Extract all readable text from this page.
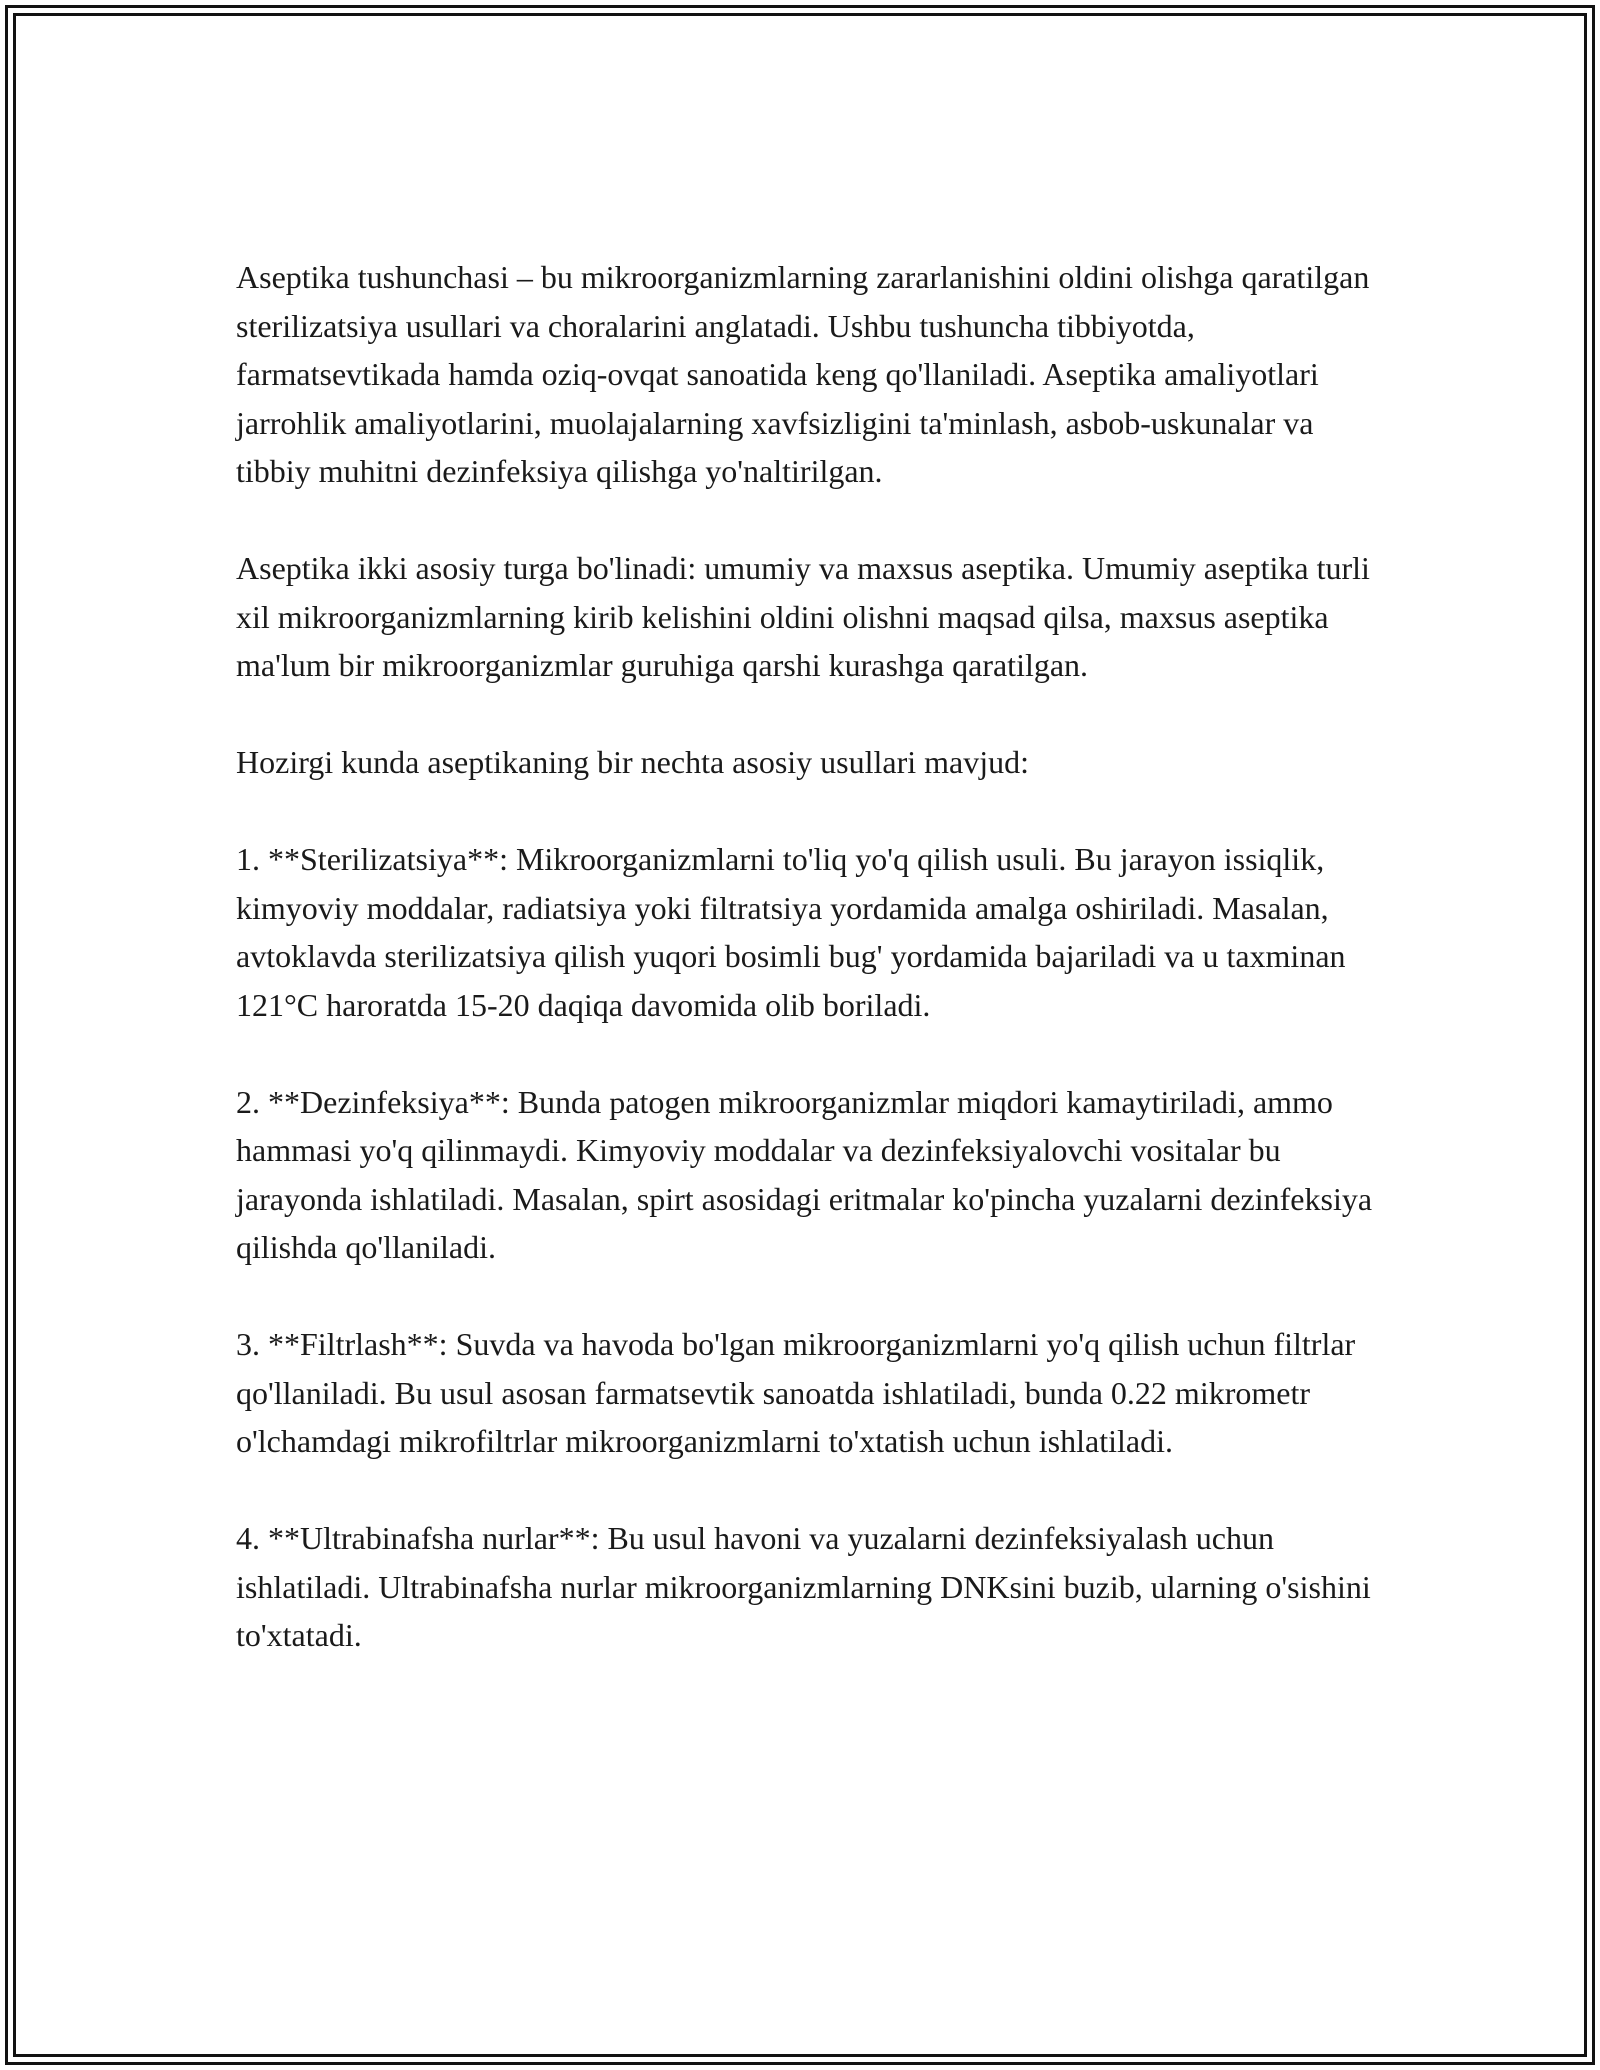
Aseptika tushunchasi – bu mikroorganizmlarning zararlanishini oldini olishga qaratilgan sterilizatsiya usullari va choralarini anglatadi. Ushbu tushuncha tibbiyotda, farmatsevtikada hamda oziq-ovqat sanoatida keng qo'llaniladi. Aseptika amaliyotlari jarrohlik amaliyotlarini, muolajalarning xavfsizligini ta'minlash, asbob-uskunalar va tibbiy muhitni dezinfeksiya qilishga yo'naltirilgan.

Aseptika ikki asosiy turga bo'linadi: umumiy va maxsus aseptika. Umumiy aseptika turli xil mikroorganizmlarning kirib kelishini oldini olishni maqsad qilsa, maxsus aseptika ma'lum bir mikroorganizmlar guruhiga qarshi kurashga qaratilgan.

Hozirgi kunda aseptikaning bir nechta asosiy usullari mavjud:

1. **Sterilizatsiya**: Mikroorganizmlarni to'liq yo'q qilish usuli. Bu jarayon issiqlik, kimyoviy moddalar, radiatsiya yoki filtratsiya yordamida amalga oshiriladi. Masalan, avtoklavda sterilizatsiya qilish yuqori bosimli bug' yordamida bajariladi va u taxminan 121°C haroratda 15-20 daqiqa davomida olib boriladi.

2. **Dezinfeksiya**: Bunda patogen mikroorganizmlar miqdori kamaytiriladi, ammo hammasi yo'q qilinmaydi. Kimyoviy moddalar va dezinfeksiyalovchi vositalar bu jarayonda ishlatiladi. Masalan, spirt asosidagi eritmalar ko'pincha yuzalarni dezinfeksiya qilishda qo'llaniladi.

3. **Filtrlash**: Suvda va havoda bo'lgan mikroorganizmlarni yo'q qilish uchun filtrlar qo'llaniladi. Bu usul asosan farmatsevtik sanoatda ishlatiladi, bunda 0.22 mikrometr o'lchamdagi mikrofiltrlar mikroorganizmlarni to'xtatish uchun ishlatiladi.

4. **Ultrabinafsha nurlar**: Bu usul havoni va yuzalarni dezinfeksiyalash uchun ishlatiladi. Ultrabinafsha nurlar mikroorganizmlarning DNKsini buzib, ularning o'sishini to'xtatadi.
